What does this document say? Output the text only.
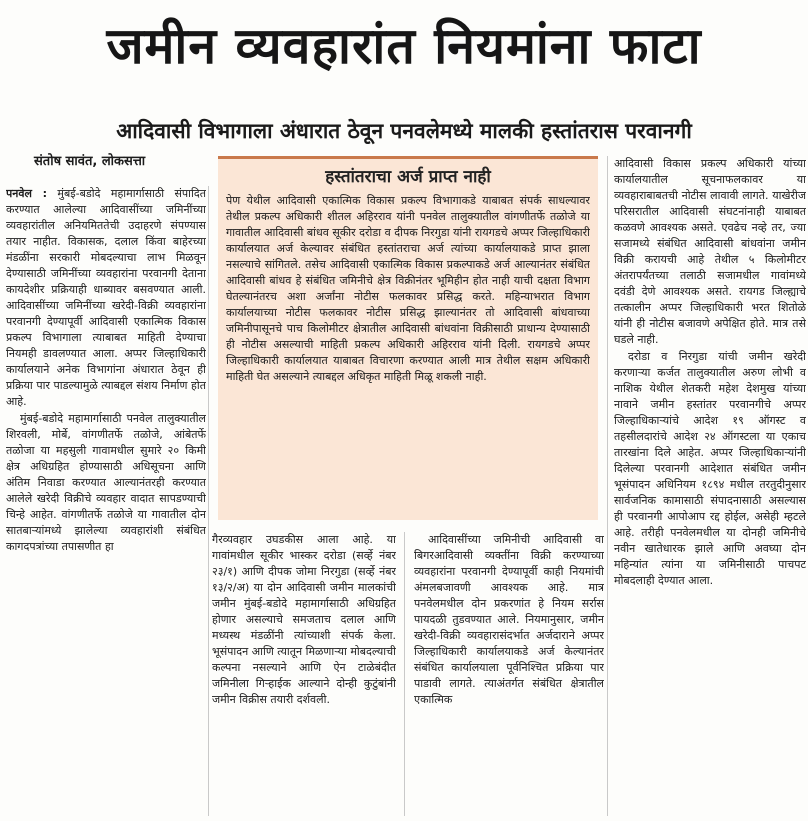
जमीन व्यवहारांत नियमांना फाटा
आदिवासी विभागाला अंधारात ठेवून पनवलेमध्ये मालकी हस्तांतरास परवानगी
संतोष सावंत, लोकसत्ता

पनवेल : मुंबई-बडोदे महामार्गासाठी संपादित करण्यात आलेल्या आदिवासींच्या जमिनींच्या व्यवहारांतील अनियमिततेची उदाहरणे संपण्यास तयार नाहीत. विकासक, दलाल किंवा बाहेरच्या मंडळींना सरकारी मोबदल्याचा लाभ मिळवून देण्यासाठी जमिनींच्या व्यवहारांना परवानगी देताना कायदेशीर प्रक्रियाही धाब्यावर बसवण्यात आली. आदिवासींच्या जमिनींच्या खरेदी-विक्री व्यवहारांना परवानगी देण्यापूर्वी आदिवासी एकात्मिक विकास प्रकल्प विभागाला त्याबाबत माहिती देण्याचा नियमही डावलण्यात आला. अप्पर जिल्हाधिकारी कार्यालयाने अनेक विभागांना अंधारात ठेवून ही प्रक्रिया पार पाडल्यामुळे त्याबद्दल संशय निर्माण होत आहे.

मुंबई-बडोदे महामार्गासाठी पनवेल तालुक्यातील शिरवली, मोर्बे, वांगणीतर्फे तळोजे, आंबेतर्फे तळोजा या महसुली गावामधील सुमारे २० किमी क्षेत्र अधिग्रहित होण्यासाठी अधिसूचना आणि अंतिम निवाडा करण्यात आल्यानंतरही करण्यात आलेले खरेदी विक्रीचे व्यवहार वादात सापडण्याची चिन्हे आहेत. वांगणीतर्फे तळोजे या गावातील दोन सातबाऱ्यांमध्ये झालेल्या व्यवहारांशी संबंधित कागदपत्रांच्या तपासणीत हा

हस्तांतराचा अर्ज प्राप्त नाही

पेण येथील आदिवासी एकात्मिक विकास प्रकल्प विभागाकडे याबाबत संपर्क साधल्यावर तेथील प्रकल्प अधिकारी शीतल अहिरराव यांनी पनवेल तालुक्यातील वांगणीतर्फे तळोजे या गावातील आदिवासी बांधव सूकीर दरोडा व दीपक निरगुडा यांनी रायगडचे अप्पर जिल्हाधिकारी कार्यालयात अर्ज केल्यावर संबंधित हस्तांतराचा अर्ज त्यांच्या कार्यालयाकडे प्राप्त झाला नसल्याचे सांगितले. तसेच आदिवासी एकात्मिक विकास प्रकल्पाकडे अर्ज आल्यानंतर संबंधित आदिवासी बांधव हे संबंधित जमिनीचे क्षेत्र विक्रीनंतर भूमिहीन होत नाही याची दक्षता विभाग घेतल्यानंतरच अशा अर्जांना नोटीस फलकावर प्रसिद्ध करते. महिन्याभरात विभाग कार्यालयाच्या नोटीस फलकावर नोटीस प्रसिद्ध झाल्यानंतर तो आदिवासी बांधवाच्या जमिनीपासूनचे पाच किलोमीटर क्षेत्रातील आदिवासी बांधवांना विक्रीसाठी प्राधान्य देण्यासाठी ही नोटीस असल्याची माहिती प्रकल्प अधिकारी अहिरराव यांनी दिली. रायगडचे अप्पर जिल्हाधिकारी कार्यालयात याबाबत विचारणा करण्यात आली मात्र तेथील सक्षम अधिकारी माहिती घेत असल्याने त्याबद्दल अधिकृत माहिती मिळू शकली नाही.

गैरव्यवहार उघडकीस आला आहे. या गावांमधील सूकीर भास्कर दरोडा (सर्व्हे नंबर २३/१) आणि दीपक जोमा निरगुडा (सर्व्हे नंबर १३/२/अ) या दोन आदिवासी जमीन मालकांची जमीन मुंबई-बडोदे महामार्गासाठी अधिग्रहित होणार असल्याचे समजताच दलाल आणि मध्यस्थ मंडळींनी त्यांच्याशी संपर्क केला. भूसंपादन आणि त्यातून मिळणाऱ्या मोबदल्याची कल्पना नसल्याने आणि ऐन टाळेबंदीत जमिनीला गिऱ्हाईक आल्याने दोन्ही कुटुंबांनी जमीन विक्रीस तयारी दर्शवली.

आदिवासींच्या जमिनीची आदिवासी वा बिगरआदिवासी व्यक्तींना विक्री करण्याच्या व्यवहारांना परवानगी देण्यापूर्वी काही नियमांची अंमलबजावणी आवश्यक आहे. मात्र पनवेलमधील दोन प्रकरणांत हे नियम सर्रास पायदळी तुडवण्यात आले. नियमानुसार, जमीन खरेदी-विक्री व्यवहारासंदर्भात अर्जदाराने अप्पर जिल्हाधिकारी कार्यालयाकडे अर्ज केल्यानंतर संबंधित कार्यालयाला पूर्वनिश्चित प्रक्रिया पार पाडावी लागते. त्याअंतर्गत संबंधित क्षेत्रातील एकात्मिक

आदिवासी विकास प्रकल्प अधिकारी यांच्या कार्यालयातील सूचनाफलकावर या व्यवहाराबाबतची नोटीस लावावी लागते. याखेरीज परिसरातील आदिवासी संघटनांनाही याबाबत कळवणे आवश्यक असते. एवढेच नव्हे तर, ज्या सजामध्ये संबंधित आदिवासी बांधवांना जमीन विक्री करायची आहे तेथील ५ किलोमीटर अंतरापर्यंतच्या तलाठी सजामधील गावांमध्ये दवंडी देणे आवश्यक असते. रायगड जिल्ह्याचे तत्कालीन अप्पर जिल्हाधिकारी भरत शितोळे यांनी ही नोटीस बजावणे अपेक्षित होते. मात्र तसे घडले नाही.

दरोडा व निरगुडा यांची जमीन खरेदी करणाऱ्या कर्जत तालुक्यातील अरुण लोभी व नाशिक येथील शेतकरी महेश देशमुख यांच्या नावाने जमीन हस्तांतर परवानगीचे अप्पर जिल्हाधिकाऱ्यांचे आदेश १९ ऑगस्ट व तहसीलदारांचे आदेश २४ ऑगस्टला या एकाच तारखांना दिले आहेत. अप्पर जिल्हाधिकाऱ्यांनी दिलेल्या परवानगी आदेशात संबंधित जमीन भूसंपादन अधिनियम १८९४ मधील तरतुदीनुसार सार्वजनिक कामासाठी संपादनासाठी असल्यास ही परवानगी आपोआप रद्द होईल, असेही म्हटले आहे. तरीही पनवेलमधील या दोनही जमिनीचे नवीन खातेधारक झाले आणि अवघ्या दोन महिन्यांत त्यांना या जमिनीसाठी पाचपट मोबदलाही देण्यात आला.
